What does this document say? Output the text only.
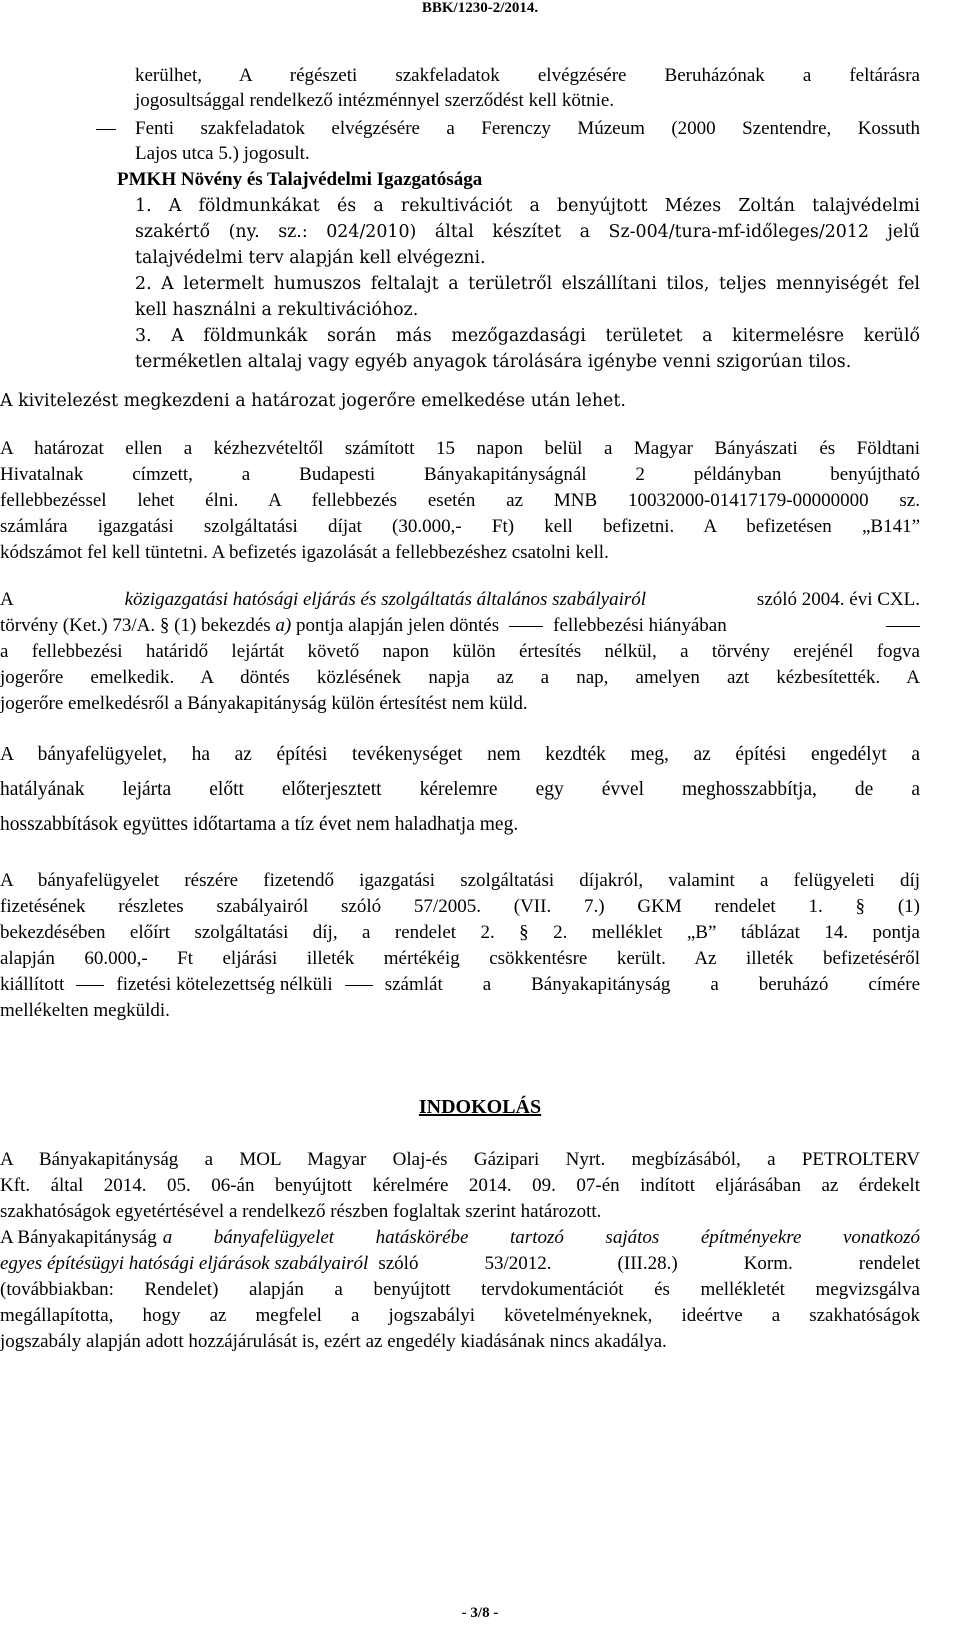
BBK/1230-2/2014.
kerülhet, A régészeti szakfeladatok elvégzésére Beruházónak a feltárásra
jogosultsággal rendelkező intézménnyel szerződést kell kötnie.
Fenti szakfeladatok elvégzésére a Ferenczy Múzeum (2000 Szentendre, Kossuth
Lajos utca 5.) jogosult.
PMKH Növény és Talajvédelmi Igazgatósága
1. A földmunkákat és a rekultivációt a benyújtott Mézes Zoltán talajvédelmi
szakértő (ny. sz.: 024/2010) által készítet a Sz-004/tura-mf-időleges/2012 jelű
talajvédelmi terv alapján kell elvégezni.
2. A letermelt humuszos feltalajt a területről elszállítani tilos, teljes mennyiségét fel
kell használni a rekultivációhoz.
3. A földmunkák során más mezőgazdasági területet a kitermelésre kerülő
terméketlen altalaj vagy egyéb anyagok tárolására igénybe venni szigorúan tilos.
A kivitelezést megkezdeni a határozat jogerőre emelkedése után lehet.
A határozat ellen a kézhezvételtől számított 15 napon belül a Magyar Bányászati és Földtani
Hivatalnak címzett, a Budapesti Bányakapitányságnál 2 példányban benyújtható
fellebbezéssel lehet élni. A fellebbezés esetén az MNB 10032000-01417179-00000000 sz.
számlára igazgatási szolgáltatási díjat (30.000,- Ft) kell befizetni. A befizetésen „B141”
kódszámot fel kell tüntetni. A befizetés igazolását a fellebbezéshez csatolni kell.
A	közigazgatási hatósági eljárás és szolgáltatás általános szabályairól	szóló 2004. évi CXL.
törvény (Ket.) 73/A.
§
(1) bekezdés
a)
pontja alapján jelen döntés	fellebbezési hiányában
a fellebbezési határidő lejártát követő napon külön értesítés nélkül, a törvény erejénél fogva
jogerőre emelkedik. A döntés közlésének napja az a nap, amelyen azt kézbesítették. A
jogerőre emelkedésről a Bányakapitányság külön értesítést nem küld.
A bányafelügyelet, ha az építési tevékenységet nem kezdték meg, az építési engedélyt a
hatályának lejárta előtt előterjesztett kérelemre egy évvel meghosszabbítja, de a
hosszabbítások együttes időtartama a tíz évet nem haladhatja meg.
A bányafelügyelet részére fizetendő igazgatási szolgáltatási díjakról, valamint a felügyeleti díj
fizetésének részletes szabályairól szóló 57/2005. (VII. 7.) GKM rendelet 1. § (1)
bekezdésében előírt szolgáltatási díj, a rendelet 2. § 2. melléklet „B” táblázat 14. pontja
alapján 60.000,- Ft eljárási illeték mértékéig csökkentésre került. Az illeték befizetéséről
kiállított	fizetési kötelezettség nélküli	számlát a Bányakapitányság a beruházó címére
mellékelten megküldi.
INDOKOLÁS
A Bányakapitányság a MOL Magyar Olaj-és Gázipari Nyrt. megbízásából, a PETROLTERV
Kft. által 2014. 05. 06-án benyújtott kérelmére 2014. 09. 07-én indított eljárásában az érdekelt
szakhatóságok egyetértésével a rendelkező részben foglaltak szerint határozott.
A Bányakapitányság a bányafelügyelet hatáskörébe tartozó sajátos építményekre vonatkozó
egyes építésügyi hatósági eljárások szabályairól szóló 53/2012. (III.28.) Korm. rendelet
(továbbiakban: Rendelet) alapján a benyújtott tervdokumentációt és mellékletét megvizsgálva
megállapította, hogy az megfelel a jogszabályi követelményeknek, ideértve a szakhatóságok
jogszabály alapján adott hozzájárulását is, ezért az engedély kiadásának nincs akadálya.
- 3/8 -
